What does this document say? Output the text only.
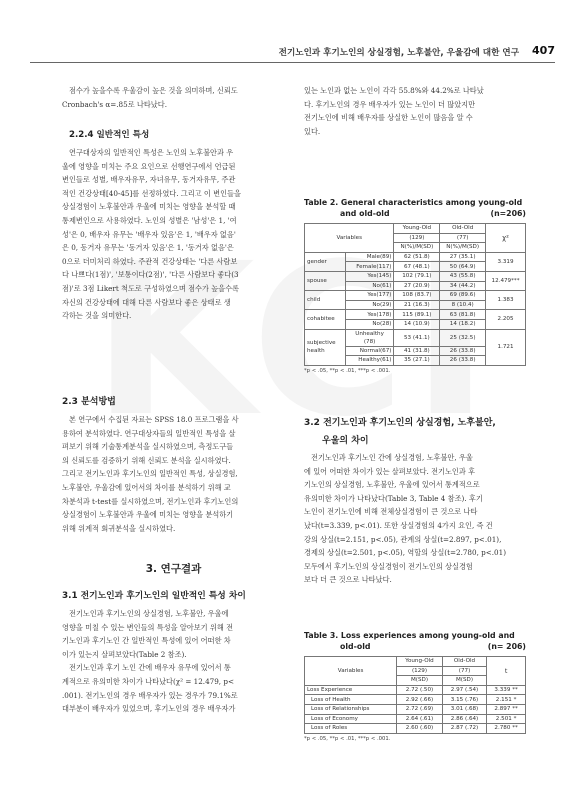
전기노인과 후기노인의 상실경험, 노후불안, 우울감에 대한 연구 407

점수가 높을수록 우울감이 높은 것을 의미하며, 신뢰도

Cronbach's α=.85로 나타났다.

2.2.4 일반적인 특성

연구대상자의 일반적인 특성은 노인의 노후불안과 우

울에 영향을 미치는 주요 요인으로 선행연구에서 언급된

변인들로 성별, 배우자유무, 자녀유무, 동거자유무, 주관

적인 건강상태[40-45]를 선정하였다. 그리고 이 변인들을

상실경험이 노후불안과 우울에 미치는 영향을 분석할 때

통제변인으로 사용하였다. 노인의 성별은 '남성'은 1, '여

성'은 0, 배우자 유무는 '배우자 있음'은 1, '배우자 없음'

은 0, 동거자 유무는 '동거자 있음'은 1, '동거자 없음'은

0으로 더미처리 하였다. 주관적 건강상태는 '다른 사람보

다 나쁘다(1점)', '보통이다(2점)', '다른 사람보다 좋다(3

점)'로 3점 Likert 척도로 구성하였으며 점수가 높을수록

자신의 건강상태에 대해 다른 사람보다 좋은 상태로 생

각하는 것을 의미한다.

2.3 분석방법

본 연구에서 수집된 자료는 SPSS 18.0 프로그램을 사

용하여 분석하였다. 연구대상자들의 일반적인 특성을 살

펴보기 위해 기술통계분석을 실시하였으며, 측정도구들

의 신뢰도를 검증하기 위해 신뢰도 분석을 실시하였다.

그리고 전기노인과 후기노인의 일반적인 특성, 상실경험,

노후불안, 우울감에 있어서의 차이를 분석하기 위해 교

차분석과 t-test를 실시하였으며, 전기노인과 후기노인의

상실경험이 노후불안과 우울에 미치는 영향을 분석하기

위해 위계적 회귀분석을 실시하였다.

3. 연구결과

3.1 전기노인과 후기노인의 일반적인 특성 차이

전기노인과 후기노인의 상실경험, 노후불안, 우울에

영향을 미칠 수 있는 변인들의 특성을 알아보기 위해 전

기노인과 후기노인 간 일반적인 특성에 있어 어떠한 차

이가 있는지 살펴보았다(Table 2 참조).

전기노인과 후기 노인 간에 배우자 유무에 있어서 통

계적으로 유의미한 차이가 나타났다(χ² = 12.479, p<

.001). 전기노인의 경우 배우자가 있는 경우가 79.1%로

대부분이 배우자가 있었으며, 후기노인의 경우 배우자가

있는 노인과 없는 노인이 각각 55.8%와 44.2%로 나타났

다. 후기노인의 경우 배우자가 있는 노인이 더 많았지만

전기노인에 비해 배우자를 상실한 노인이 많음을 알 수

있다.

Table 2. General characteristics among young-old
and old-old	(n=206)
Variables		Young-Old	Old-Old	χ²
		(129)	(77)	
		N(%)/M(SD)	N(%)/M(SD)	
gender	Male(89)	62 (51.8)	27 (35.1)	3.319
	Female(117)	67 (48.1)	50 (64.9)	
spouse	Yes(145)	102 (79.1)	43 (55.8)	12.479***
	No(61)	27 (20.9)	34 (44.2)	
child	Yes(177)	108 (83.7)	69 (89.6)	1.383
	No(29)	21 (16.3)	8 (10.4)	
cohabitee	Yes(178)	115 (89.1)	63 (81.8)	2.205
	No(28)	14 (10.9)	14 (18.2)	
subjective
health	Unhealthy
(78)	53 (41.1)	25 (32.5)	1.721
	Normal(67)	41 (31.8)	26 (33.8)	
	Healthy(61)	35 (27.1)	26 (33.8)	
*p < .05, **p < .01, ***p < .001.

3.2 전기노인과 후기노인의 상실경험, 노후불안,

우울의 차이

전기노인과 후기노인 간에 상실경험, 노후불안, 우울

에 있어 어떠한 차이가 있는 살펴보았다. 전기노인과 후

기노인의 상실경험, 노후불안, 우울에 있어서 통계적으로

유의미한 차이가 나타났다(Table 3, Table 4 참조). 후기

노인이 전기노인에 비해 전체상실경험이 큰 것으로 나타

났다(t=3.339, p<.01). 또한 상실경험의 4가지 요인, 즉 건

강의 상실(t=2.151, p<.05), 관계의 상실(t=2.897, p<.01),

경제의 상실(t=2.501, p<.05), 역할의 상실(t=2.780, p<.01)

모두에서 후기노인의 상실경험이 전기노인의 상실경험

보다 더 큰 것으로 나타났다.

Table 3. Loss experiences among young-old and
old-old	(n= 206)
Variables	Young-Old	Old-Old	t
	(129)	(77)	
	M(SD)	M(SD)	
Loss Experience	2.72 (.50)	2.97 (.54)	3.339 **
Loss of Health	2.92 (.66)	3.15 (.76)	2.151 *
Loss of Relationships	2.72 (.69)	3.01 (.68)	2.897 **
Loss of Economy	2.64 (.61)	2.86 (.64)	2.501 *
Loss of Roles	2.60 (.60)	2.87 (.72)	2.780 **
*p < .05, **p < .01, ***p < .001.
